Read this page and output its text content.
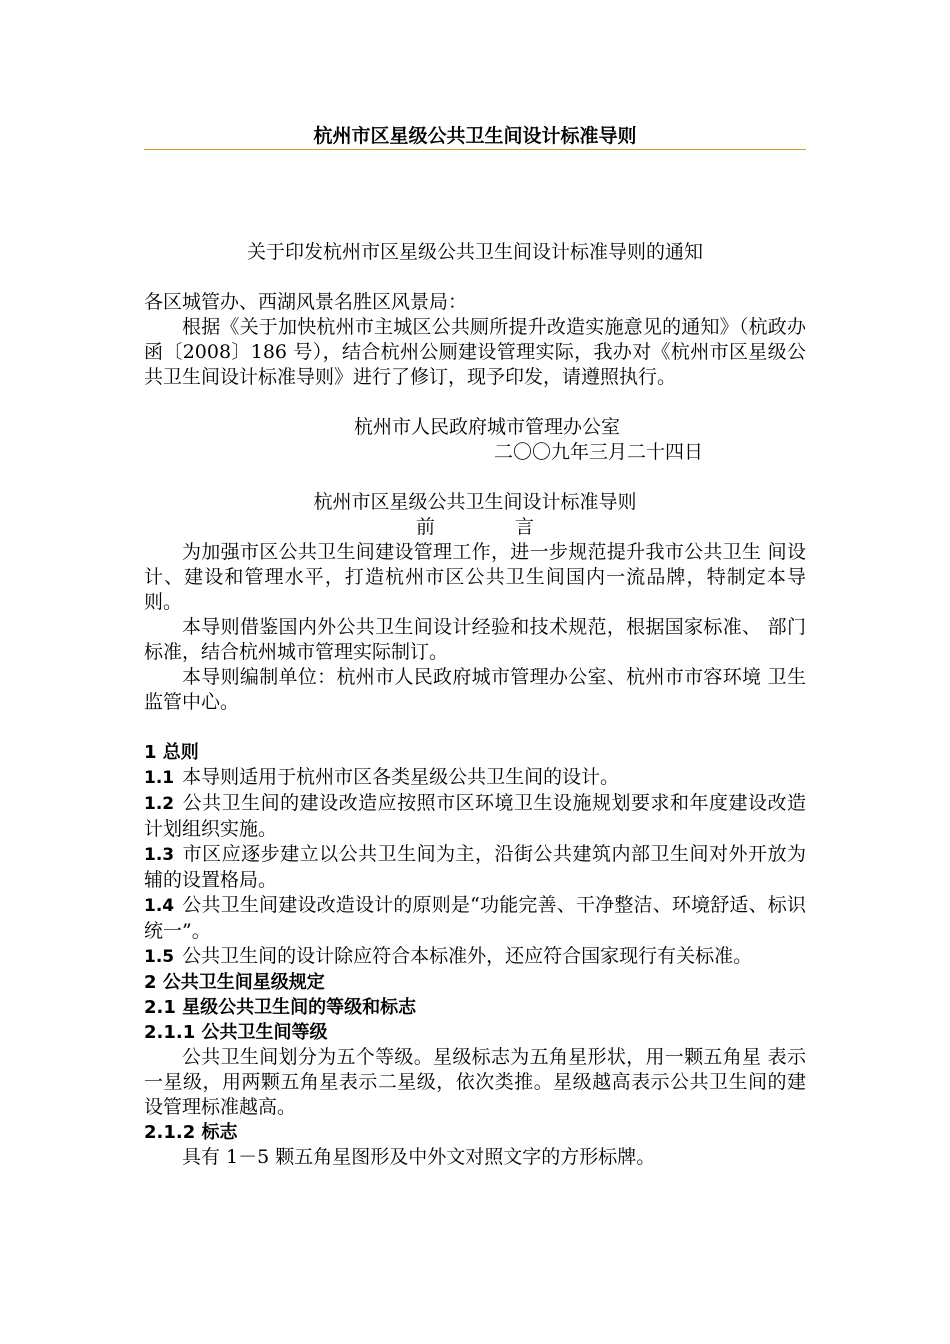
杭州市区星级公共卫生间设计标准导则

关于印发杭州市区星级公共卫生间设计标准导则的通知

各区城管办、西湖风景名胜区风景局：

根据《关于加快杭州市主城区公共厕所提升改造实施意见的通知》（杭政办函〔2008〕186 号），结合杭州公厕建设管理实际，我办对《杭州市区星级公共卫生间设计标准导则》进行了修订，现予印发，请遵照执行。

杭州市人民政府城市管理办公室

二〇〇九年三月二十四日

杭州市区星级公共卫生间设计标准导则

前	言

为加强市区公共卫生间建设管理工作，进一步规范提升我市公共卫生 间设计、建设和管理水平，打造杭州市区公共卫生间国内一流品牌，特制定本导则。

本导则借鉴国内外公共卫生间设计经验和技术规范，根据国家标准、 部门标准，结合杭州城市管理实际制订。

本导则编制单位：杭州市人民政府城市管理办公室、杭州市市容环境 卫生监管中心。

1 总则

1.1 本导则适用于杭州市区各类星级公共卫生间的设计。

1.2 公共卫生间的建设改造应按照市区环境卫生设施规划要求和年度建设改造计划组织实施。

1.3 市区应逐步建立以公共卫生间为主，沿街公共建筑内部卫生间对外开放为辅的设置格局。

1.4 公共卫生间建设改造设计的原则是“功能完善、干净整洁、环境舒适、标识统一”。

1.5 公共卫生间的设计除应符合本标准外，还应符合国家现行有关标准。

2 公共卫生间星级规定

2.1 星级公共卫生间的等级和标志

2.1.1 公共卫生间等级

公共卫生间划分为五个等级。星级标志为五角星形状，用一颗五角星 表示一星级，用两颗五角星表示二星级，依次类推。星级越高表示公共卫生间的建设管理标准越高。

2.1.2 标志

具有 1－5 颗五角星图形及中外文对照文字的方形标牌。
